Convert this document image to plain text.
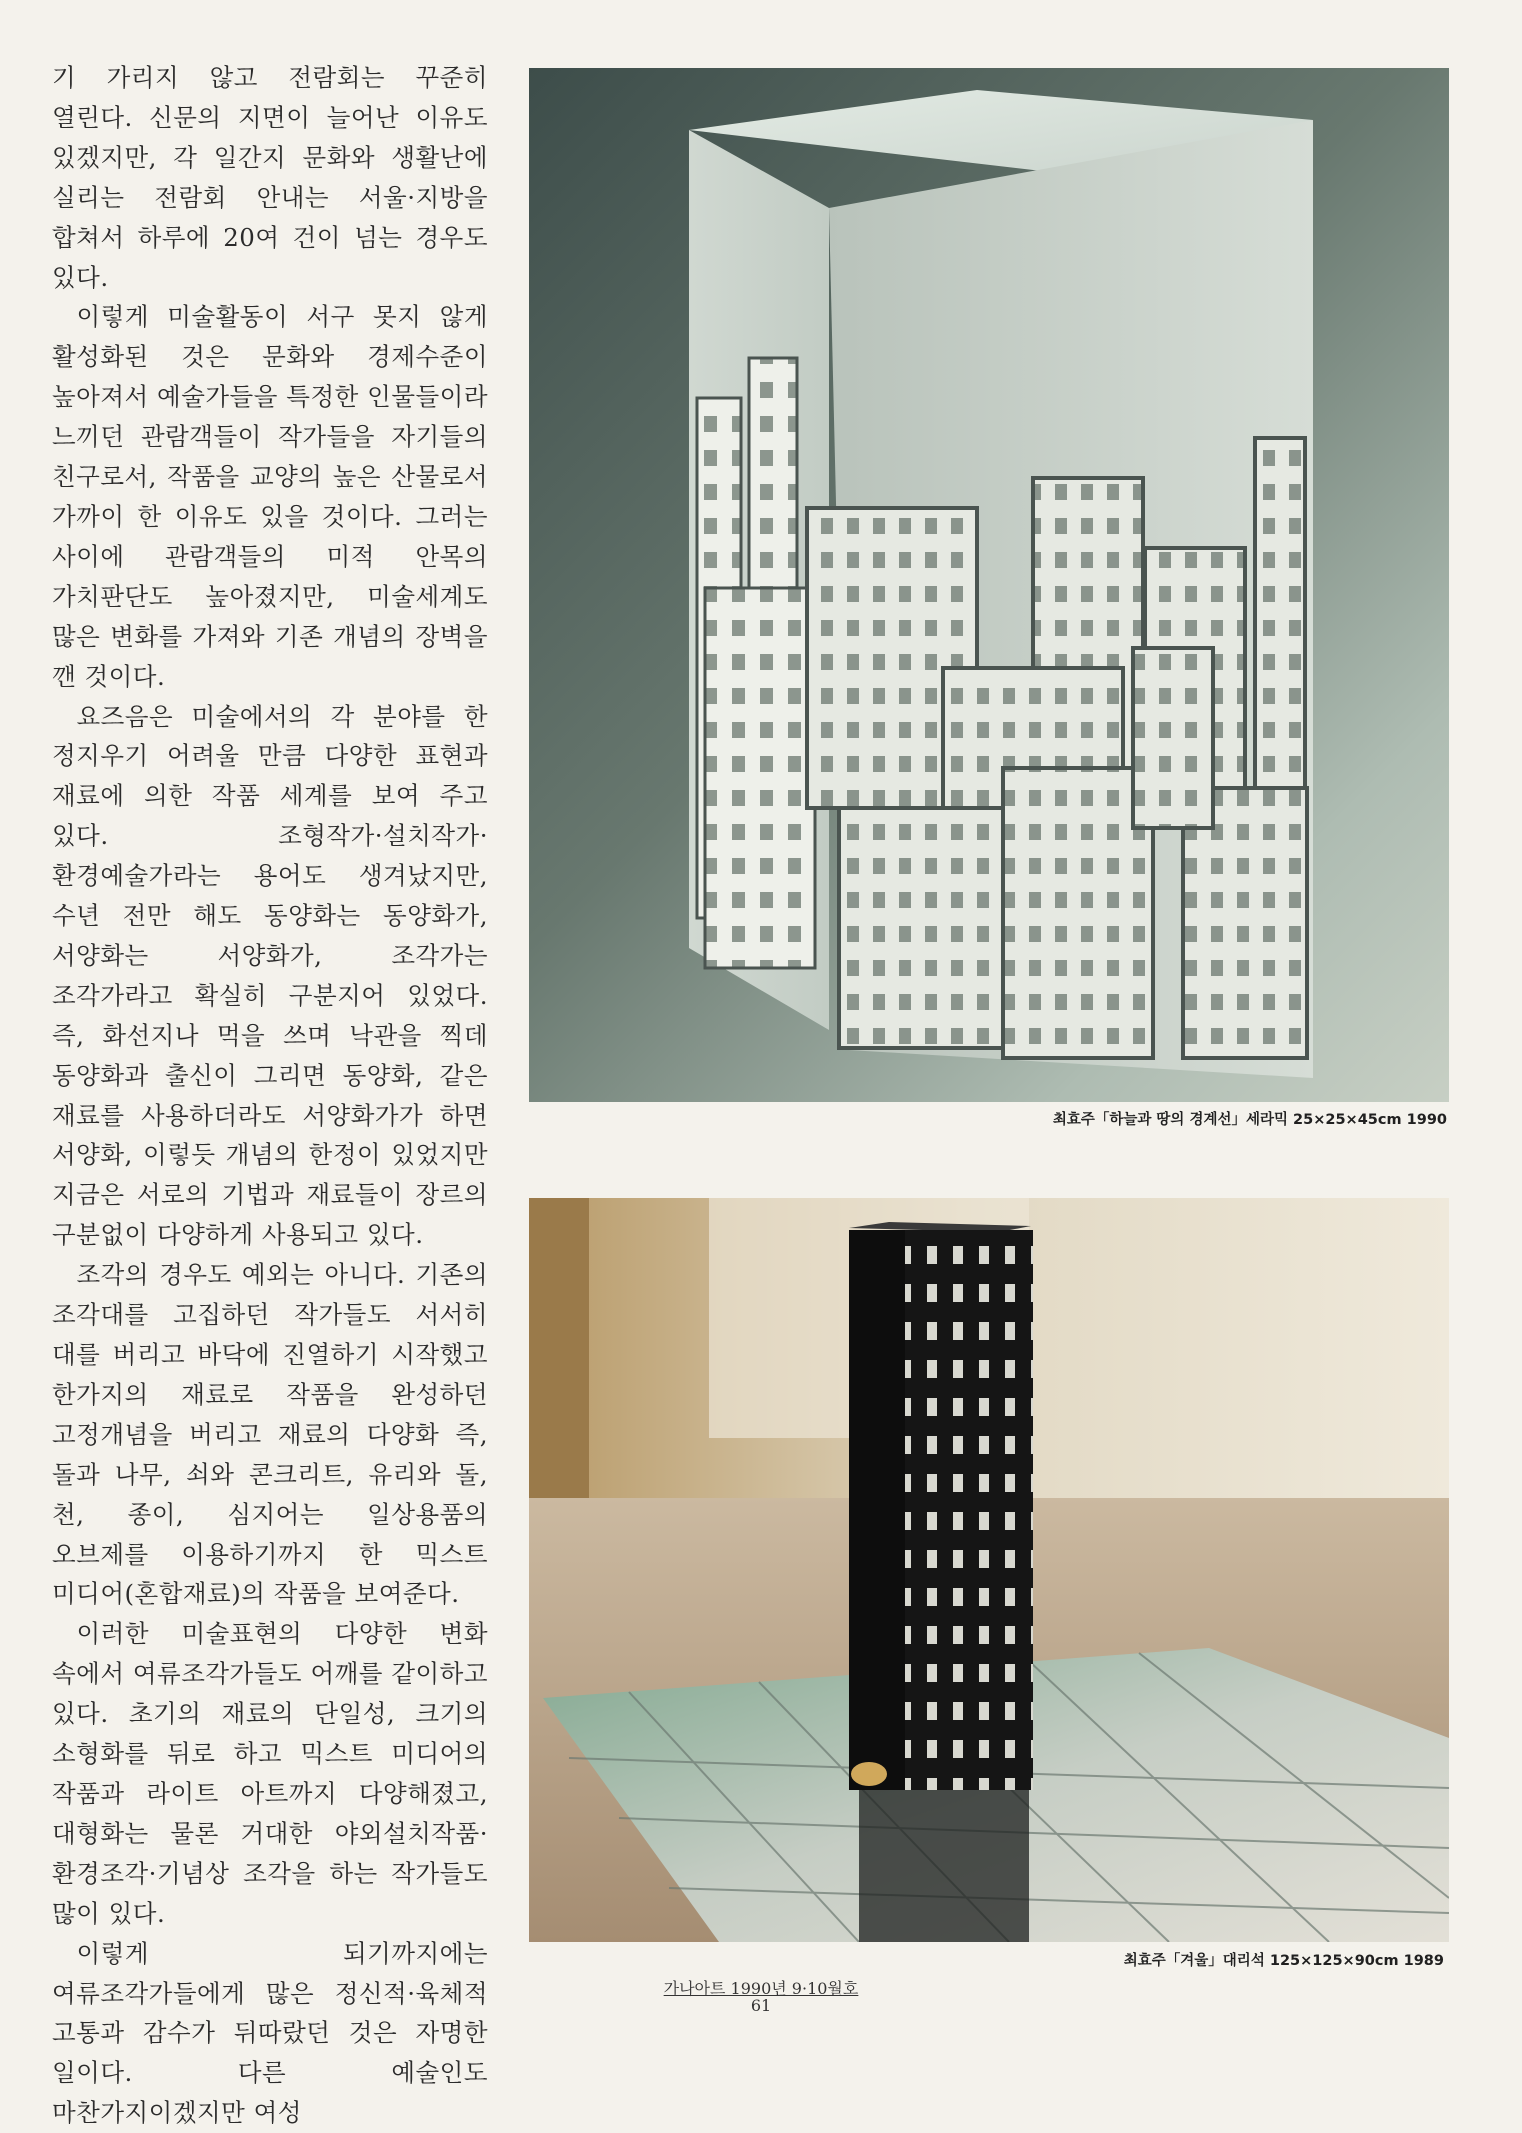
기 가리지 않고 전람회는 꾸준히 열린다. 신문의 지면이 늘어난 이유도 있겠지만, 각 일간지 문화와 생활난에 실리는 전람회 안내는 서울·지방을 합쳐서 하루에 20여 건이 넘는 경우도 있다.

이렇게 미술활동이 서구 못지 않게 활성화된 것은 문화와 경제수준이 높아져서 예술가들을 특정한 인물들이라 느끼던 관람객들이 작가들을 자기들의 친구로서, 작품을 교양의 높은 산물로서 가까이 한 이유도 있을 것이다. 그러는 사이에 관람객들의 미적 안목의 가치판단도 높아졌지만, 미술세계도 많은 변화를 가져와 기존 개념의 장벽을 깬 것이다.

요즈음은 미술에서의 각 분야를 한 정지우기 어려울 만큼 다양한 표현과 재료에 의한 작품 세계를 보여 주고 있다. 조형작가·설치작가·환경예술가라는 용어도 생겨났지만, 수년 전만 해도 동양화는 동양화가, 서양화는 서양화가, 조각가는 조각가라고 확실히 구분지어 있었다. 즉, 화선지나 먹을 쓰며 낙관을 찍데 동양화과 출신이 그리면 동양화, 같은 재료를 사용하더라도 서양화가가 하면 서양화, 이렇듯 개념의 한정이 있었지만 지금은 서로의 기법과 재료들이 장르의 구분없이 다양하게 사용되고 있다.

조각의 경우도 예외는 아니다. 기존의 조각대를 고집하던 작가들도 서서히 대를 버리고 바닥에 진열하기 시작했고 한가지의 재료로 작품을 완성하던 고정개념을 버리고 재료의 다양화 즉, 돌과 나무, 쇠와 콘크리트, 유리와 돌, 천, 종이, 심지어는 일상용품의 오브제를 이용하기까지 한 믹스트 미디어(혼합재료)의 작품을 보여준다.

이러한 미술표현의 다양한 변화 속에서 여류조각가들도 어깨를 같이하고 있다. 초기의 재료의 단일성, 크기의 소형화를 뒤로 하고 믹스트 미디어의 작품과 라이트 아트까지 다양해졌고, 대형화는 물론 거대한 야외설치작품·환경조각·기념상 조각을 하는 작가들도 많이 있다.

이렇게 되기까지에는 여류조각가들에게 많은 정신적·육체적 고통과 감수가 뒤따랐던 것은 자명한 일이다. 다른 예술인도 마찬가지이겠지만 여성

최효주「하늘과 땅의 경계선」세라믹 25×25×45cm 1990
최효주「겨울」대리석 125×125×90cm 1989
가나아트 1990년 9·10월호
61
